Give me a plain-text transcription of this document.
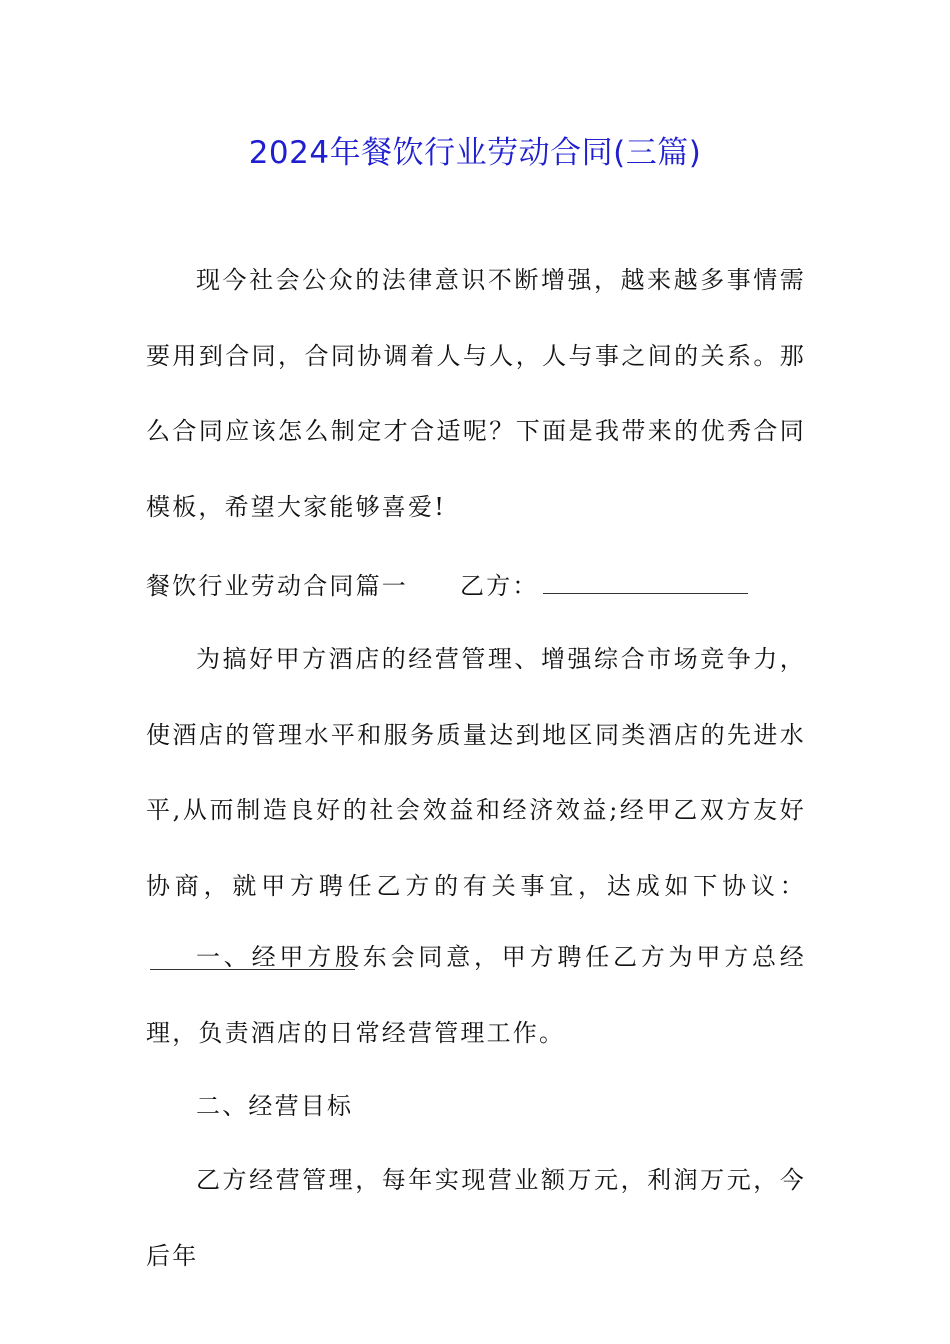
2024年餐饮行业劳动合同(三篇)
现今社会公众的法律意识不断增强，越来越多事情需要用到合同，合同协调着人与人，人与事之间的关系。那么合同应该怎么制定才合适呢？下面是我带来的优秀合同模板，希望大家能够喜爱!
餐饮行业劳动合同篇一 乙方：
为搞好甲方酒店的经营管理、增强综合市场竞争力，使酒店的管理水平和服务质量达到地区同类酒店的先进水平,从而制造良好的社会效益和经济效益;经甲乙双方友好协商，就甲方聘任乙方的有关事宜，达成如下协议：
一、经甲方股东会同意，甲方聘任乙方为甲方总经理，负责酒店的日常经营管理工作。
二、经营目标
乙方经营管理，每年实现营业额万元，利润万元，今后年
